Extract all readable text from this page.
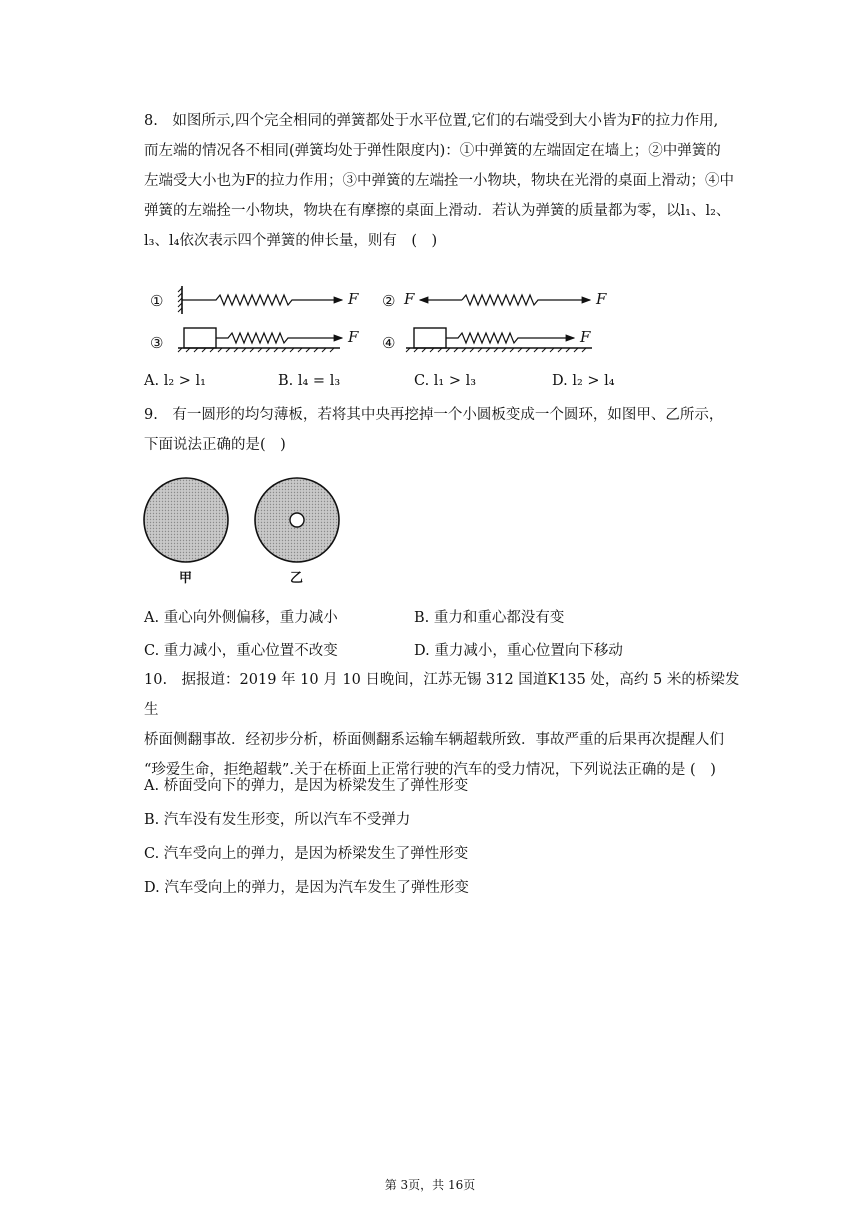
8.　如图所示,四个完全相同的弹簧都处于水平位置,它们的右端受到大小皆为F的拉力作用,

而左端的情况各不相同(弹簧均处于弹性限度内)：①中弹簧的左端固定在墙上；②中弹簧的

左端受大小也为F的拉力作用；③中弹簧的左端拴一小物块，物块在光滑的桌面上滑动；④中

弹簧的左端拴一小物块，物块在有摩擦的桌面上滑动．若认为弹簧的质量都为零，以l₁、l₂、

l₃、l₄依次表示四个弹簧的伸长量，则有　(　)

①	F ② F	F
③	F ④	F
A. l₂ > l₁	B. l₄ = l₃	C. l₁ > l₃	D. l₂ > l₄

9.　有一圆形的均匀薄板，若将其中央再挖掉一个小圆板变成一个圆环，如图甲、乙所示，

下面说法正确的是(　)

甲	乙
A. 重心向外侧偏移，重力减小	B. 重力和重心都没有变
C. 重力减小，重心位置不改变	D. 重力减小，重心位置向下移动

10.　据报道：2019 年 10 月 10 日晚间，江苏无锡 312 国道K135 处，高约 5 米的桥梁发生

桥面侧翻事故．经初步分析，桥面侧翻系运输车辆超载所致．事故严重的后果再次提醒人们

“珍爱生命，拒绝超载”.关于在桥面上正常行驶的汽车的受力情况，下列说法正确的是 (　)

A. 桥面受向下的弹力，是因为桥梁发生了弹性形变
B. 汽车没有发生形变，所以汽车不受弹力
C. 汽车受向上的弹力，是因为桥梁发生了弹性形变
D. 汽车受向上的弹力，是因为汽车发生了弹性形变
第 3页，共 16页
